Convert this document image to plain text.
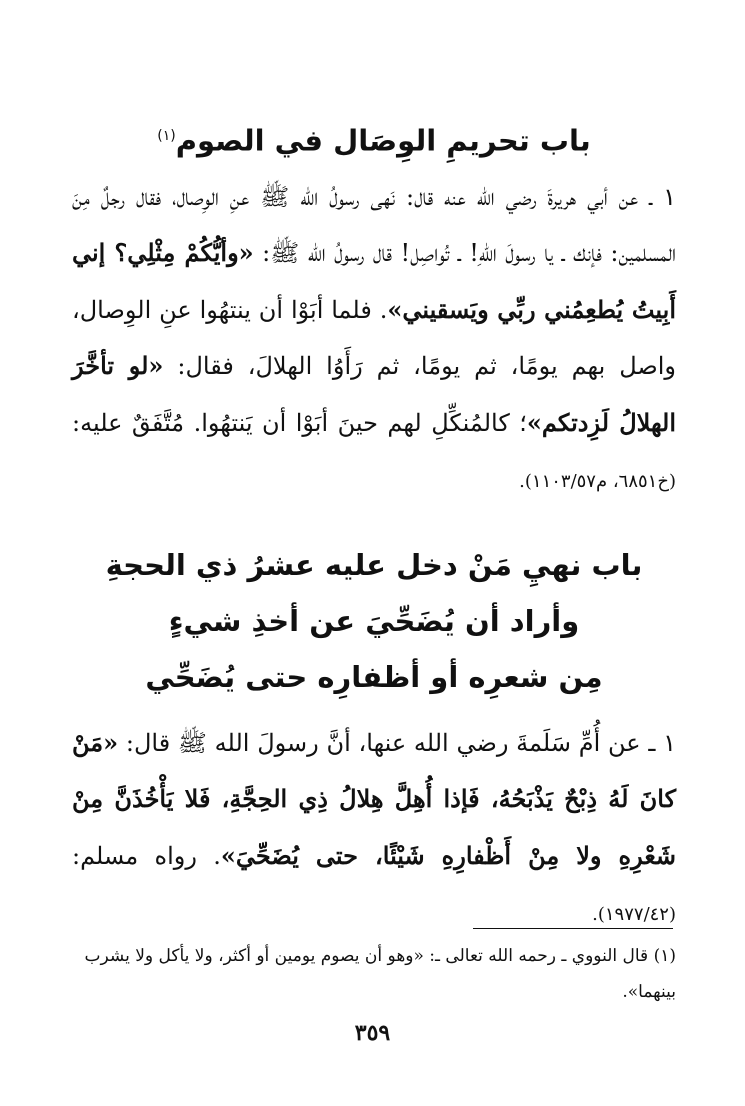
باب تحريمِ الوِصَال في الصوم$^{(١)}$

١ ـ عن أبي هريرةَ رضي الله عنه قال: نَهى رسولُ الله ﷺ عنِ الوِصال، فقال رجلٌ مِنَ المسلمين: فإنك ـ يا رسولَ اللهِ! ـ تُواصِل! قال رسولُ الله ﷺ: «وأيُّكُمْ مِثْلِي؟ إني أَبِيتُ يُطعِمُني ربِّي ويَسقيني». فلما أبَوْا أن ينتهُوا عنِ الوِصال، واصل بهم يومًا، ثم يومًا، ثم رَأَوُا الهلالَ، فقال: «لو تأخَّرَ الهلالُ لَزِدتكم»؛ كالمُنكِّلِ لهم حينَ أبَوْا أن يَنتهُوا. مُتَّفَقٌ عليه: (خ٦٨٥١، م١١٠٣/٥٧).

باب نهيِ مَنْ دخل عليه عشرُ ذي الحجةِ
وأراد أن يُضَحِّيَ عن أخذِ شيءٍ
مِن شعرِه أو أظفارِه حتى يُضَحِّي

١ ـ عن أُمِّ سَلَمةَ رضي الله عنها، أنَّ رسولَ الله ﷺ قال: «مَنْ كانَ لَهُ ذِبْحٌ يَذْبَحُهُ، فَإذا أُهِلَّ هِلالُ ذِي الحِجَّةِ، فَلا يَأْخُذَنَّ مِنْ شَعْرِهِ ولا مِنْ أَظْفارِهِ شَيْئًا، حتى يُضَحِّيَ». رواه مسلم: (١٩٧٧/٤٢).

(١) قال النووي ـ رحمه الله تعالى ـ: «وهو أن يصوم يومين أو أكثر، ولا يأكل ولا يشرب بينهما».
٣٥٩
